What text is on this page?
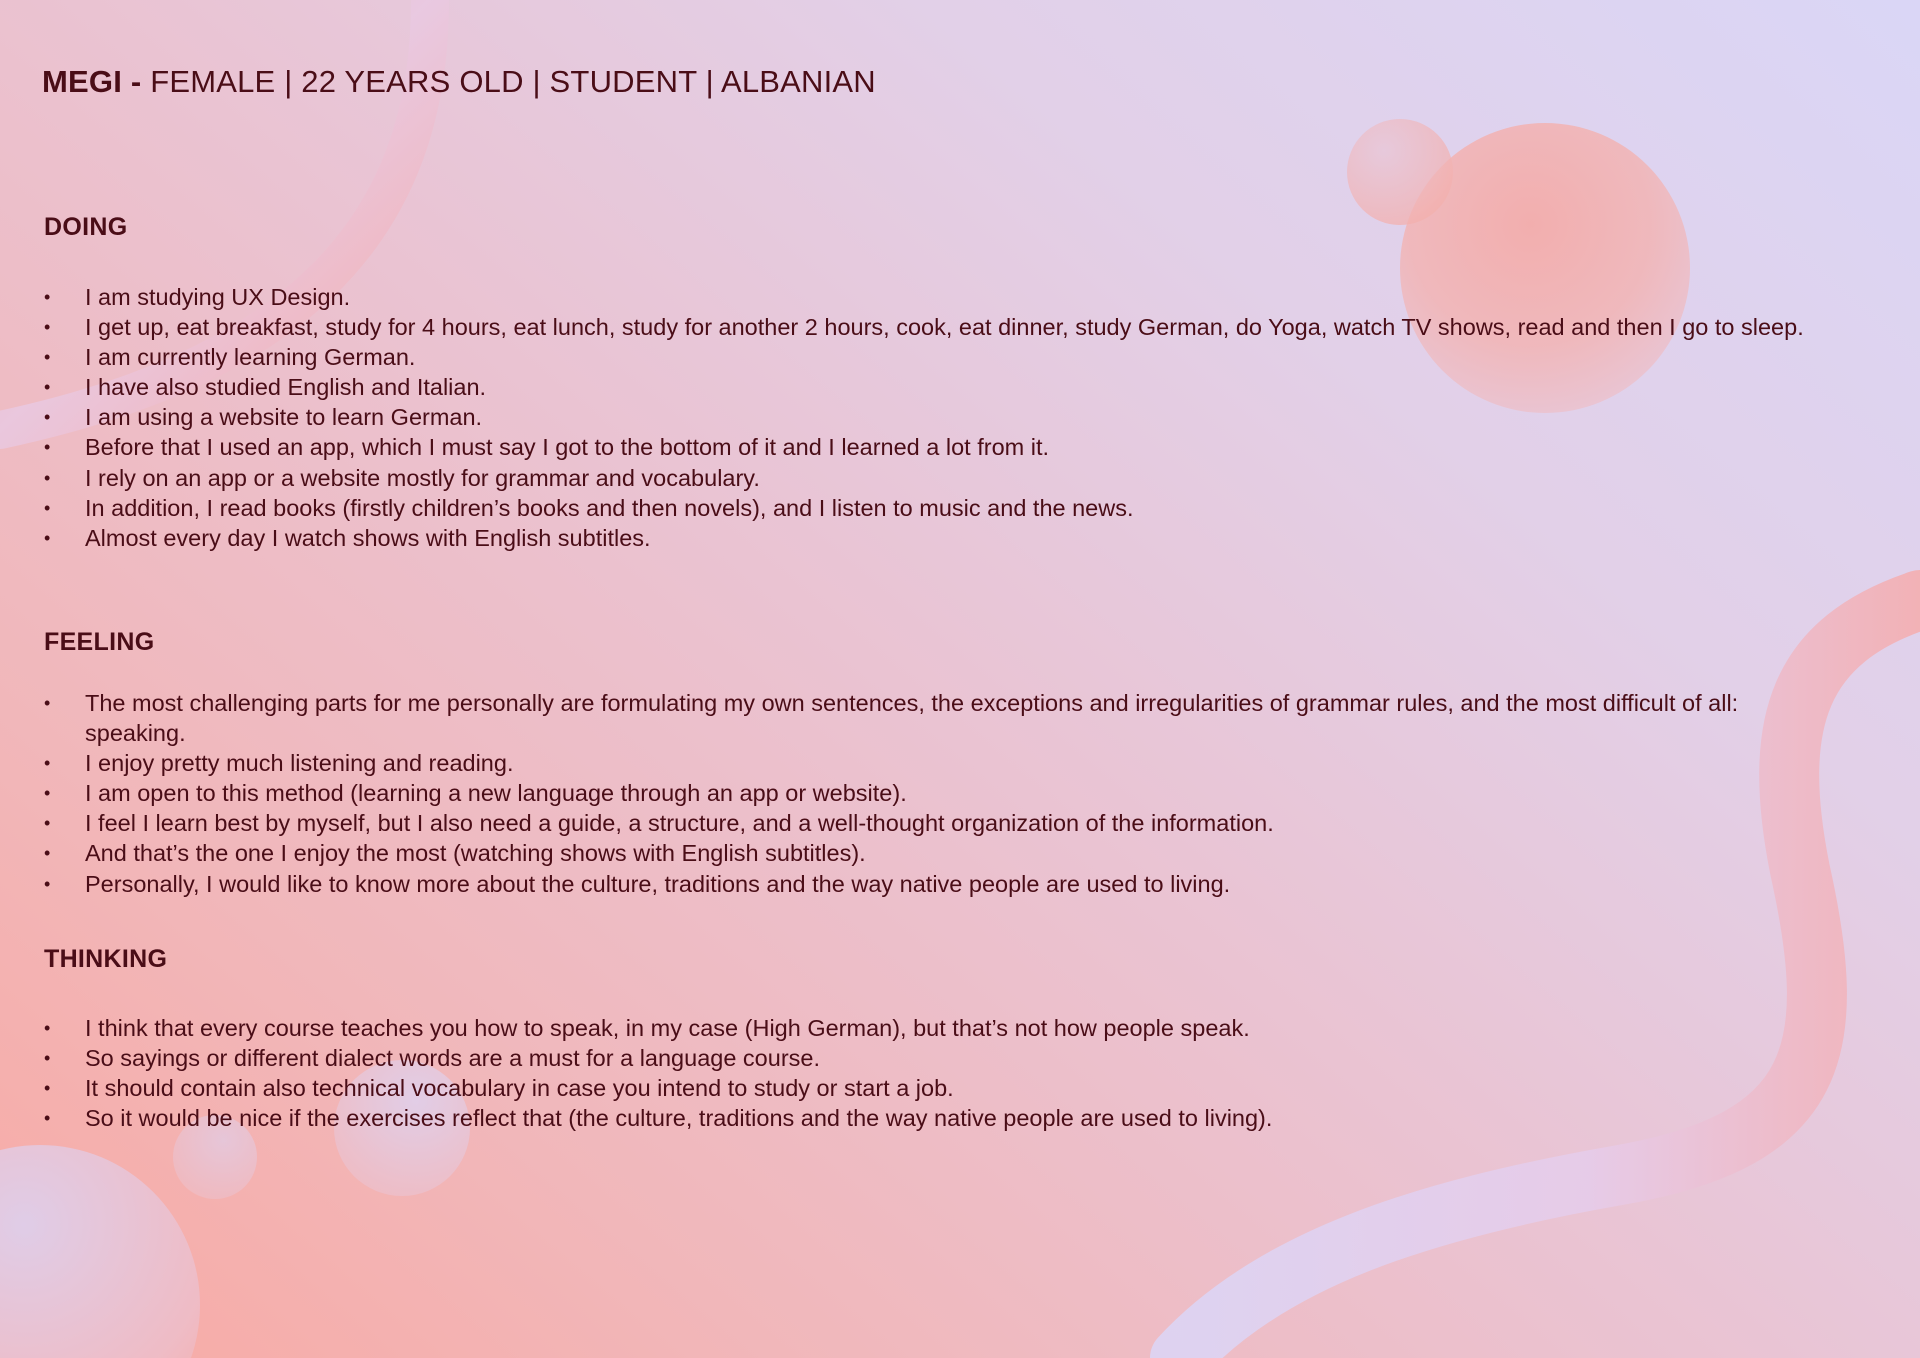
MEGI - FEMALE | 22 YEARS OLD | STUDENT | ALBANIAN
DOING
• I am studying UX Design.
• I get up, eat breakfast, study for 4 hours, eat lunch, study for another 2 hours, cook, eat dinner, study German, do Yoga, watch TV shows, read and then I go to sleep.
• I am currently learning German.
• I have also studied English and Italian.
• I am using a website to learn German.
• Before that I used an app, which I must say I got to the bottom of it and I learned a lot from it.
• I rely on an app or a website mostly for grammar and vocabulary.
• In addition, I read books (firstly children’s books and then novels), and I listen to music and the news.
• Almost every day I watch shows with English subtitles.
FEELING
• The most challenging parts for me personally are formulating my own sentences, the exceptions and irregularities of grammar rules, and the most difficult of all: speaking.
• I enjoy pretty much listening and reading.
• I am open to this method (learning a new language through an app or website).
• I feel I learn best by myself, but I also need a guide, a structure, and a well-thought organization of the information.
• And that’s the one I enjoy the most (watching shows with English subtitles).
• Personally, I would like to know more about the culture, traditions and the way native people are used to living.
THINKING
• I think that every course teaches you how to speak, in my case (High German), but that’s not how people speak.
• So sayings or different dialect words are a must for a language course.
• It should contain also technical vocabulary in case you intend to study or start a job.
• So it would be nice if the exercises reflect that (the culture, traditions and the way native people are used to living).
